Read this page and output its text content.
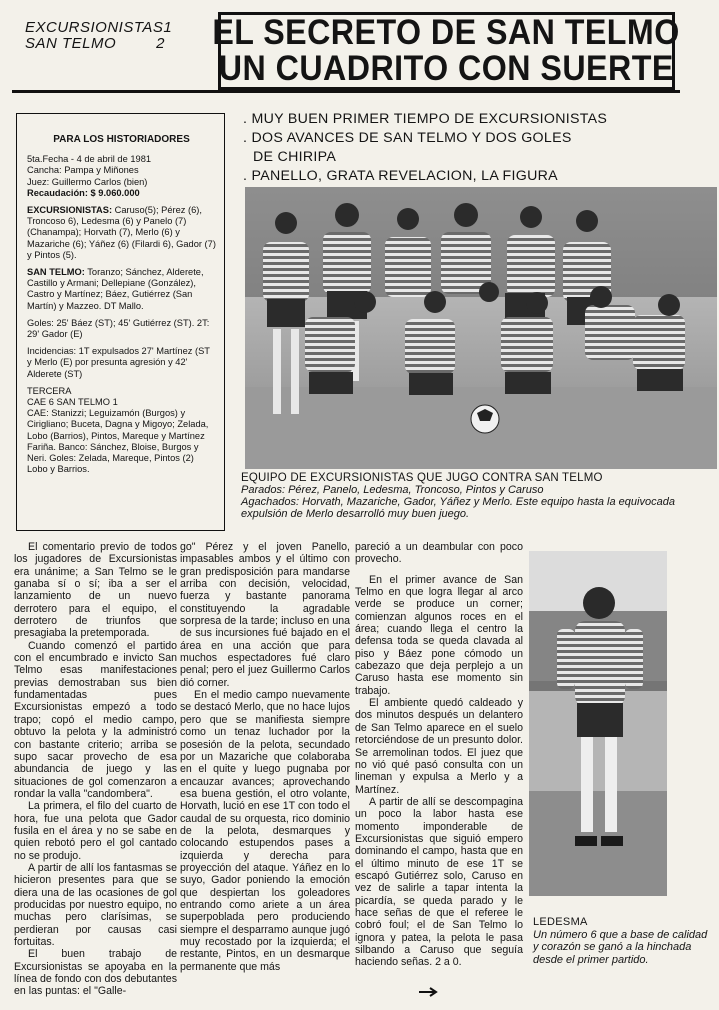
EXCURSIONISTAS 1
SAN TELMO	2 EL SECRETO DE SAN TELMO
UN CUADRITO CON SUERTE
PARA LOS HISTORIADORES

5ta.Fecha - 4 de abril de 1981

Cancha: Pampa y Miñones

Juez: Guillermo Carlos (bien)

Recaudación: $ 9.060.000

EXCURSIONISTAS: Caruso(5); Pérez (6), Troncoso 6), Ledesma (6) y Panelo (7) (Chanampa); Horvath (7), Merlo (6) y Mazariche (6); Yáñez (6) (Filardi 6), Gador (7) y Pintos (5).

SAN TELMO: Toranzo; Sánchez, Alderete, Castillo y Armani; Dellepiane (González), Castro y Martínez; Báez, Gutiérrez (San Martín) y Mazzeo. DT Mallo.

Goles: 25' Báez (ST); 45' Gutiérrez (ST). 2T: 29' Gador (E)

Incidencias: 1T expulsados 27' Martínez (ST y Merlo (E) por presunta agresión y 42' Alderete (ST)

TERCERA

CAE 6 SAN TELMO 1

CAE: Stanizzi; Leguizamón (Burgos) y Cirigliano; Buceta, Dagna y Migoyo; Zelada, Lobo (Barrios), Pintos, Mareque y Martínez Fariña. Banco: Sánchez, Bloise, Burgos y Neri. Goles: Zelada, Mareque, Pintos (2) Lobo y Barrios.

. MUY BUEN PRIMER TIEMPO DE EXCURSIONISTAS
. DOS AVANCES DE SAN TELMO Y DOS GOLES
DE CHIRIPA
. PANELLO, GRATA REVELACION, LA FIGURA
EQUIPO DE EXCURSIONISTAS QUE JUGO CONTRA SAN TELMO
Parados: Pérez, Panelo, Ledesma, Troncoso, Pintos y Caruso
Agachados: Horvath, Mazariche, Gador, Yáñez y Merlo. Este equipo hasta la equivocada expulsión de Merlo desarrolló muy buen juego.

El comentario previo de todos los jugadores de Excursionistas era unánime; a San Telmo se le ganaba sí o sí; iba a ser el lanzamiento de un nuevo derrotero para el equipo, el derrotero de triunfos que presagiaba la pretemporada.

Cuando comenzó el partido con el encumbrado e invicto San Telmo esas manifestaciones previas demostraban sus bien fundamentadas pues Excursionistas empezó a todo trapo; copó el medio campo, obtuvo la pelota y la administró con bastante criterio; arriba se supo sacar provecho de esa abundancia de juego y las situaciones de gol comenzaron a rondar la valla "candombera".

La primera, el filo del cuarto de hora, fue una pelota que Gador fusila en el área y no se sabe en quien rebotó pero el gol cantado no se produjo.

A partir de allí los fantasmas se hicieron presentes para que se diera una de las ocasiones de gol producidas por nuestro equipo, no muchas pero clarísimas, se perdieran por causas casi fortuitas.

El buen trabajo de Excursionistas se apoyaba en la línea de fondo con dos debutantes en las puntas: el "Galle-

go" Pérez y el joven Panello, impasables ambos y el último con gran predisposición para mandarse arriba con decisión, velocidad, fuerza y bastante panorama constituyendo la agradable sorpresa de la tarde; incluso en una de sus incursiones fué bajado en el área en una acción que para muchos espectadores fué claro penal; pero el juez Guillermo Carlos dió corner.

En el medio campo nuevamente se destacó Merlo, que no hace lujos pero que se manifiesta siempre como un tenaz luchador por la posesión de la pelota, secundado por un Mazariche que colaboraba en el quite y luego pugnaba por encauzar avances; aprovechando esa buena gestión, el otro volante, Horvath, lució en ese 1T con todo el caudal de su orquesta, rico dominio de la pelota, desmarques y colocando estupendos pases a izquierda y derecha para proyección del ataque. Yáñez en lo suyo, Gador poniendo la emoción que despiertan los goleadores entrando como ariete a un área superpoblada pero produciendo siempre el desparramo aunque jugó muy recostado por la izquierda; el restante, Pintos, en un desmarque permanente que más

pareció a un deambular con poco provecho.

En el primer avance de San Telmo en que logra llegar al arco verde se produce un corner; comienzan algunos roces en el área; cuando llega el centro la defensa toda se queda clavada al piso y Báez pone cómodo un cabezazo que deja perplejo a un Caruso hasta ese momento sin trabajo.

El ambiente quedó caldeado y dos minutos después un delantero de San Telmo aparece en el suelo retorciéndose de un presunto dolor. Se arremolinan todos. El juez que no vió qué pasó consulta con un lineman y expulsa a Merlo y a Martínez.

A partir de allí se descompagina un poco la labor hasta ese momento imponderable de Excursionistas que siguió empero dominando el campo, hasta que en el último minuto de ese 1T se escapó Gutiérrez solo, Caruso en vez de salirle a tapar intenta la picardía, se queda parado y le hace señas de que el referee le cobró foul; el de San Telmo lo ignora y patea, la pelota le pasa silbando a Caruso que seguía haciendo señas. 2 a 0.

LEDESMA
Un número 6 que a base de calidad y corazón se ganó a la hinchada desde el primer partido.
